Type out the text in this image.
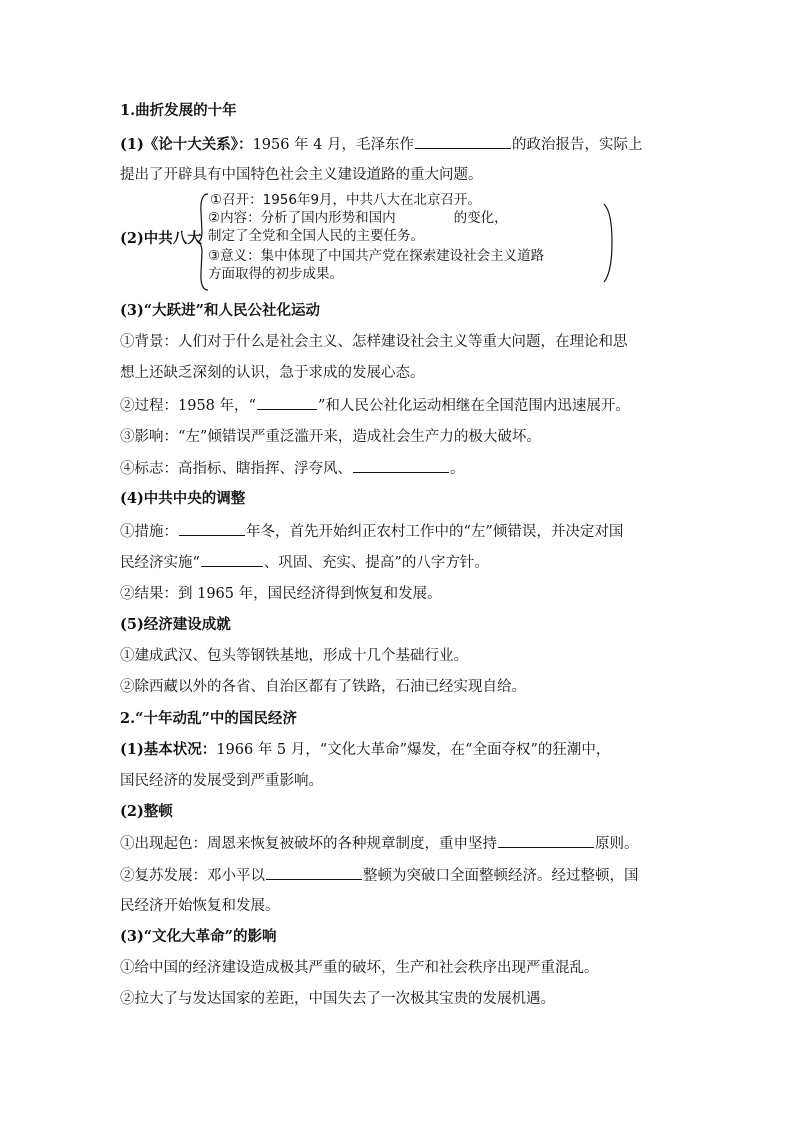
1.曲折发展的十年
(1)《论十大关系》：1956 年 4 月，毛泽东作	的政治报告，实际上
提出了开辟具有中国特色社会主义建设道路的重大问题。
(2)中共八大
①召开：1956年9月，中共八大在北京召开。
②内容：分析了国内形势和国内	的变化，
制定了全党和全国人民的主要任务。
③意义：集中体现了中国共产党在探索建设社会主义道路
方面取得的初步成果。
(3)“大跃进”和人民公社化运动
①背景：人们对于什么是社会主义、怎样建设社会主义等重大问题，在理论和思
想上还缺乏深刻的认识，急于求成的发展心态。
②过程：1958 年，“	”和人民公社化运动相继在全国范围内迅速展开。
③影响：“左”倾错误严重泛滥开来，造成社会生产力的极大破坏。
④标志：高指标、瞎指挥、浮夸风、	。
(4)中共中央的调整
①措施：	年冬，首先开始纠正农村工作中的“左”倾错误，并决定对国
民经济实施“	、巩固、充实、提高”的八字方针。
②结果：到 1965 年，国民经济得到恢复和发展。
(5)经济建设成就
①建成武汉、包头等钢铁基地，形成十几个基础行业。
②除西藏以外的各省、自治区都有了铁路，石油已经实现自给。
2.“十年动乱”中的国民经济
(1)基本状况：1966 年 5 月，“文化大革命”爆发，在“全面夺权”的狂潮中，
国民经济的发展受到严重影响。
(2)整顿
①出现起色：周恩来恢复被破坏的各种规章制度，重申坚持	原则。
②复苏发展：邓小平以	整顿为突破口全面整顿经济。经过整顿，国
民经济开始恢复和发展。
(3)“文化大革命”的影响
①给中国的经济建设造成极其严重的破坏，生产和社会秩序出现严重混乱。
②拉大了与发达国家的差距，中国失去了一次极其宝贵的发展机遇。
